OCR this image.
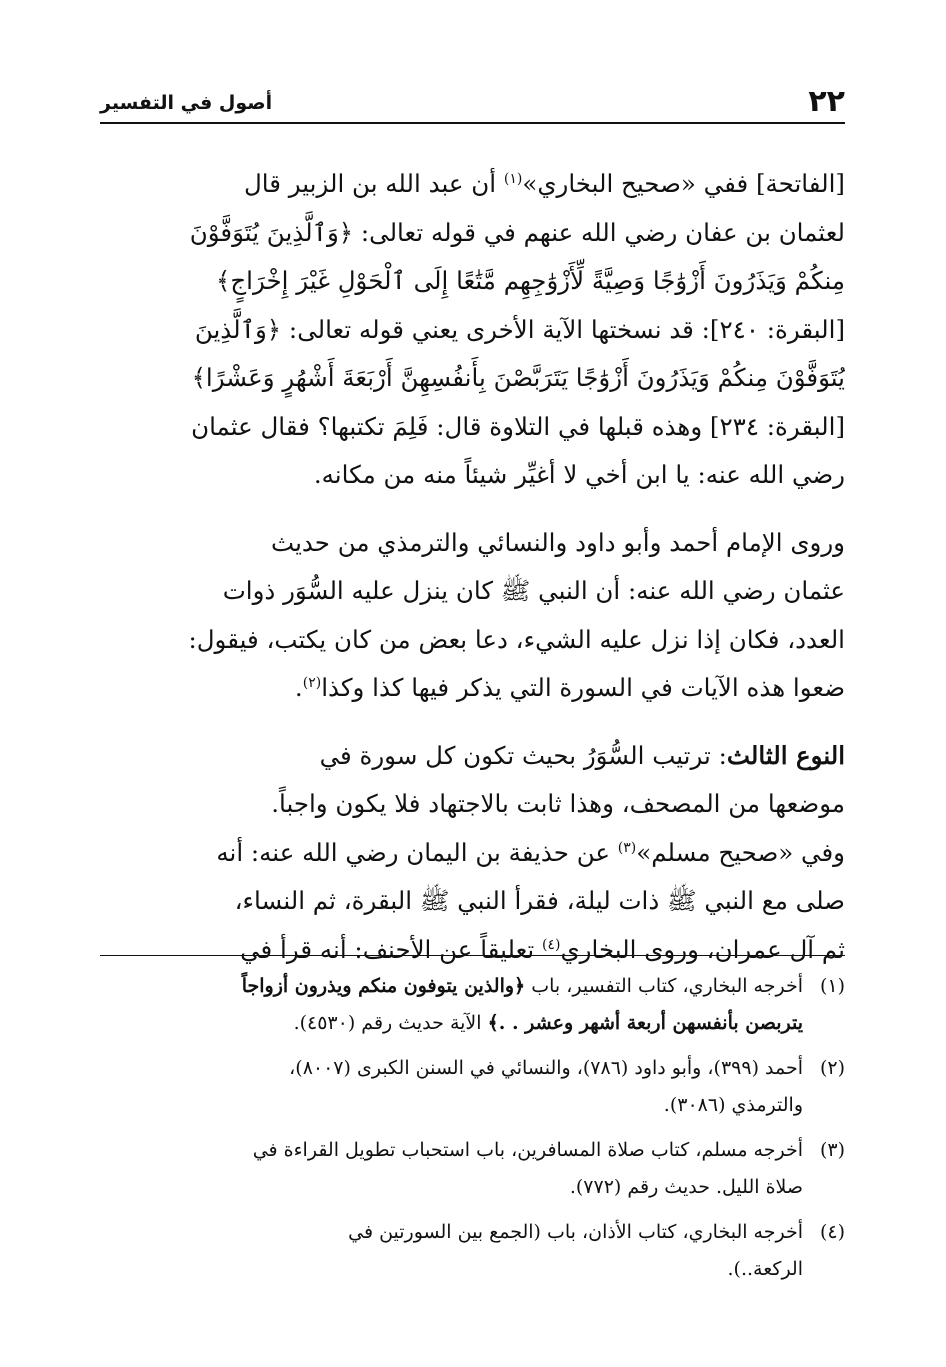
٢٢
أصول في التفسير
[الفاتحة] ففي «صحيح البخاري»$^{(١)}$ أن عبد الله بن الزبير قال
لعثمان بن عفان رضي الله عنهم في قوله تعالى: ﴿وَٱلَّذِينَ يُتَوَفَّوْنَ
مِنكُمْ وَيَذَرُونَ أَزْوَٰجًا وَصِيَّةً لِّأَزْوَٰجِهِم مَّتَٰعًا إِلَى ٱلْحَوْلِ غَيْرَ إِخْرَاجٍ﴾
[البقرة: ٢٤٠]: قد نسختها الآية الأخرى يعني قوله تعالى: ﴿وَٱلَّذِينَ
يُتَوَفَّوْنَ مِنكُمْ وَيَذَرُونَ أَزْوَٰجًا يَتَرَبَّصْنَ بِأَنفُسِهِنَّ أَرْبَعَةَ أَشْهُرٍ وَعَشْرًا﴾
[البقرة: ٢٣٤] وهذه قبلها في التلاوة قال: فَلِمَ تكتبها؟ فقال عثمان
رضي الله عنه: يا ابن أخي لا أغيِّر شيئاً منه من مكانه.
وروى الإمام أحمد وأبو داود والنسائي والترمذي من حديث
عثمان رضي الله عنه: أن النبي ﷺ كان ينزل عليه السُّوَر ذوات
العدد، فكان إذا نزل عليه الشيء، دعا بعض من كان يكتب، فيقول:
ضعوا هذه الآيات في السورة التي يذكر فيها كذا وكذا$^{(٢)}$.
النوع الثالث: ترتيب السُّوَرُ بحيث تكون كل سورة في
موضعها من المصحف، وهذا ثابت بالاجتهاد فلا يكون واجباً.
وفي «صحيح مسلم»$^{(٣)}$ عن حذيفة بن اليمان رضي الله عنه: أنه
صلى مع النبي ﷺ ذات ليلة، فقرأ النبي ﷺ البقرة، ثم النساء،
ثم آل عمران، وروى البخاري$^{(٤)}$ تعليقاً عن الأحنف: أنه قرأ في
(١)
أخرجه البخاري، كتاب التفسير، باب ﴿والذين يتوفون منكم ويذرون أزواجاً
يتربصن بأنفسهن أربعة أشهر وعشر . .﴾ الآية حديث رقم (٤٥٣٠).
(٢)
أحمد (٣٩٩)، وأبو داود (٧٨٦)، والنسائي في السنن الكبرى (٨٠٠٧)،
والترمذي (٣٠٨٦).
(٣)
أخرجه مسلم، كتاب صلاة المسافرين، باب استحباب تطويل القراءة في
صلاة الليل. حديث رقم (٧٧٢).
(٤)
أخرجه البخاري، كتاب الأذان، باب (الجمع بين السورتين في
الركعة..).
